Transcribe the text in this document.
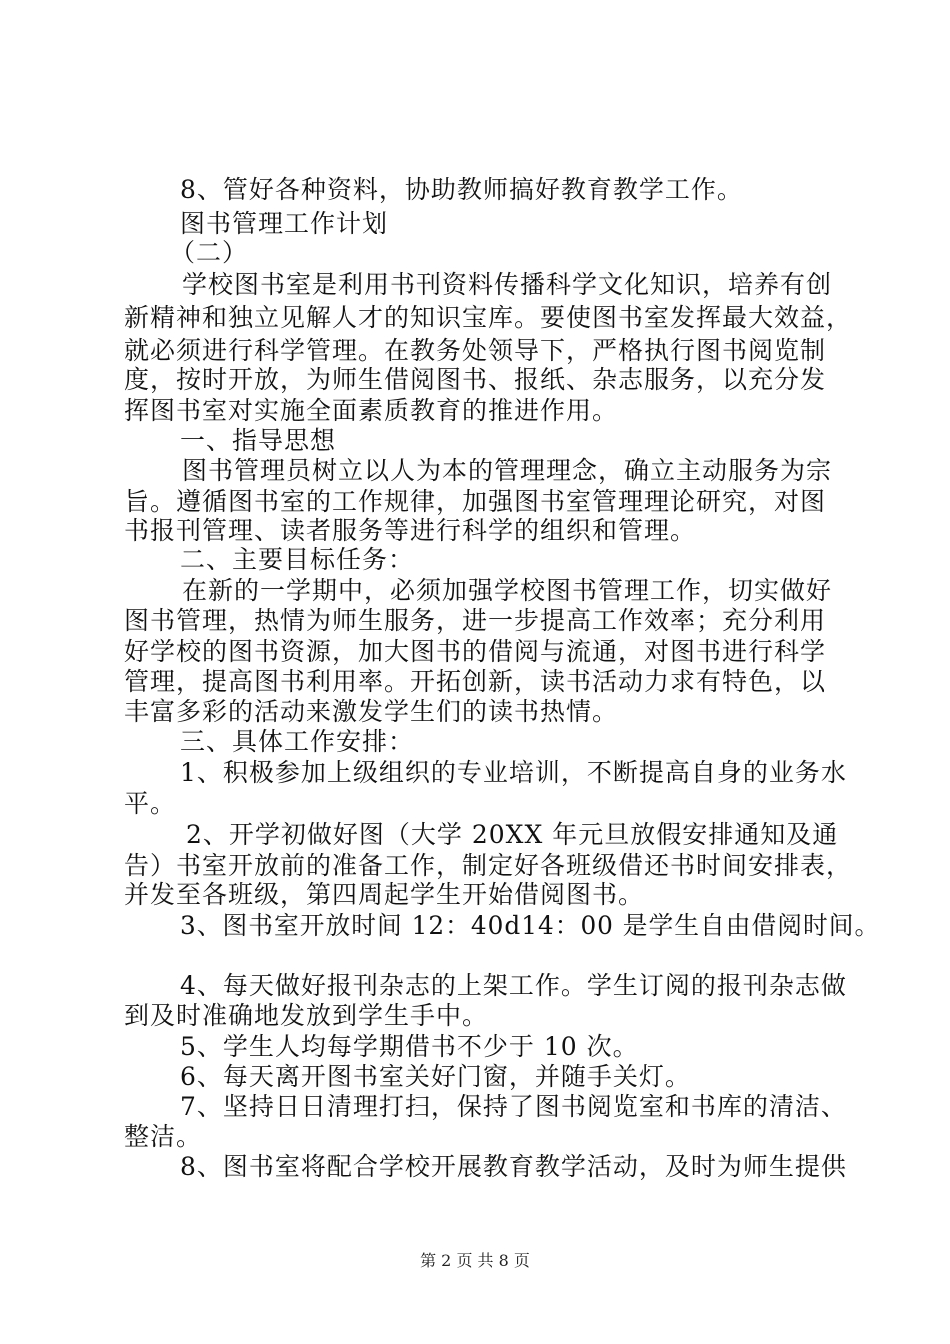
8、管好各种资料，协助教师搞好教育教学工作。
图书管理工作计划
（二）
学校图书室是利用书刊资料传播科学文化知识，培养有创
新精神和独立见解人才的知识宝库。要使图书室发挥最大效益，
就必须进行科学管理。在教务处领导下，严格执行图书阅览制
度，按时开放，为师生借阅图书、报纸、杂志服务，以充分发
挥图书室对实施全面素质教育的推进作用。
一、指导思想
图书管理员树立以人为本的管理理念，确立主动服务为宗
旨。遵循图书室的工作规律，加强图书室管理理论研究，对图
书报刊管理、读者服务等进行科学的组织和管理。
二、主要目标任务：
在新的一学期中，必须加强学校图书管理工作，切实做好
图书管理，热情为师生服务，进一步提高工作效率；充分利用
好学校的图书资源，加大图书的借阅与流通，对图书进行科学
管理，提高图书利用率。开拓创新，读书活动力求有特色，以
丰富多彩的活动来激发学生们的读书热情。
三、具体工作安排：
1、积极参加上级组织的专业培训，不断提高自身的业务水
平。
2、开学初做好图（大学 20XX 年元旦放假安排通知及通
告）书室开放前的准备工作，制定好各班级借还书时间安排表，
并发至各班级，第四周起学生开始借阅图书。
3、图书室开放时间 12：40d14：00 是学生自由借阅时间。
4、每天做好报刊杂志的上架工作。学生订阅的报刊杂志做
到及时准确地发放到学生手中。
5、学生人均每学期借书不少于 10 次。
6、每天离开图书室关好门窗，并随手关灯。
7、坚持日日清理打扫，保持了图书阅览室和书库的清洁、
整洁。
8、图书室将配合学校开展教育教学活动，及时为师生提供
第 2 页 共 8 页
